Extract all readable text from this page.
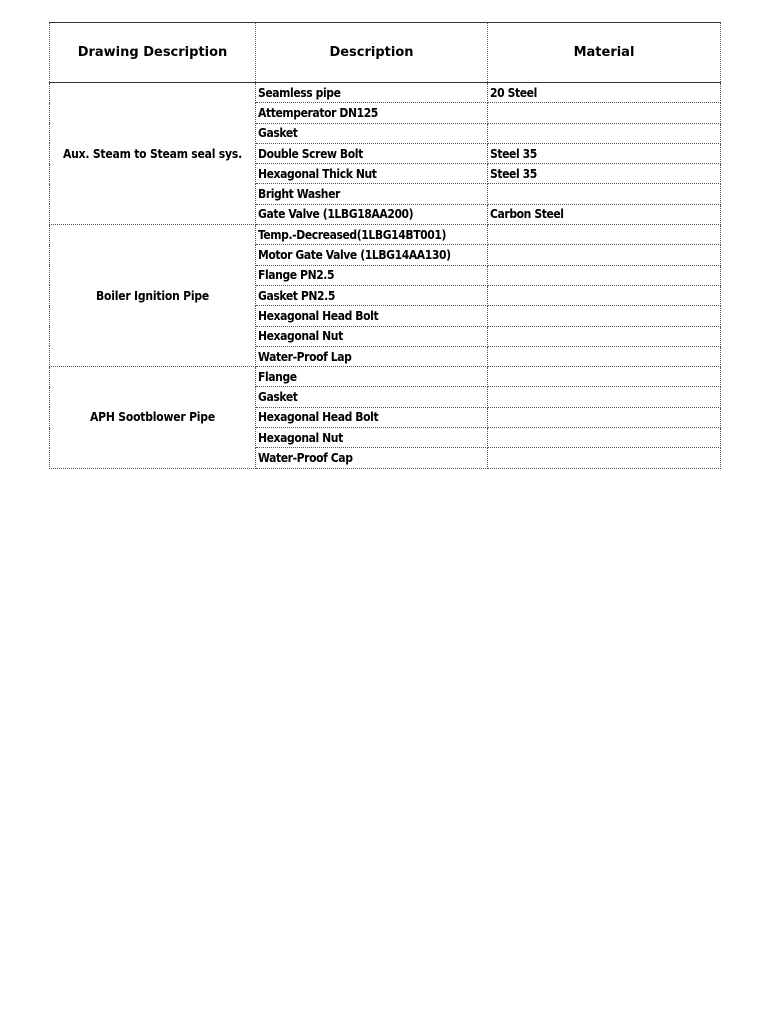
Drawing Description	Description	Material
Aux. Steam to Steam seal sys.	Seamless pipe	20 Steel
	Attemperator DN125	
	Gasket	
	Double Screw Bolt	Steel 35
	Hexagonal Thick Nut	Steel 35
	Bright Washer	
	Gate Valve (1LBG18AA200)	Carbon Steel
Boiler Ignition Pipe	Temp.-Decreased(1LBG14BT001)	
	Motor Gate Valve (1LBG14AA130)	
	Flange PN2.5	
	Gasket PN2.5	
	Hexagonal Head Bolt	
	Hexagonal Nut	
	Water-Proof Lap	
APH Sootblower Pipe	Flange	
	Gasket	
	Hexagonal Head Bolt	
	Hexagonal Nut	
	Water-Proof Cap	
